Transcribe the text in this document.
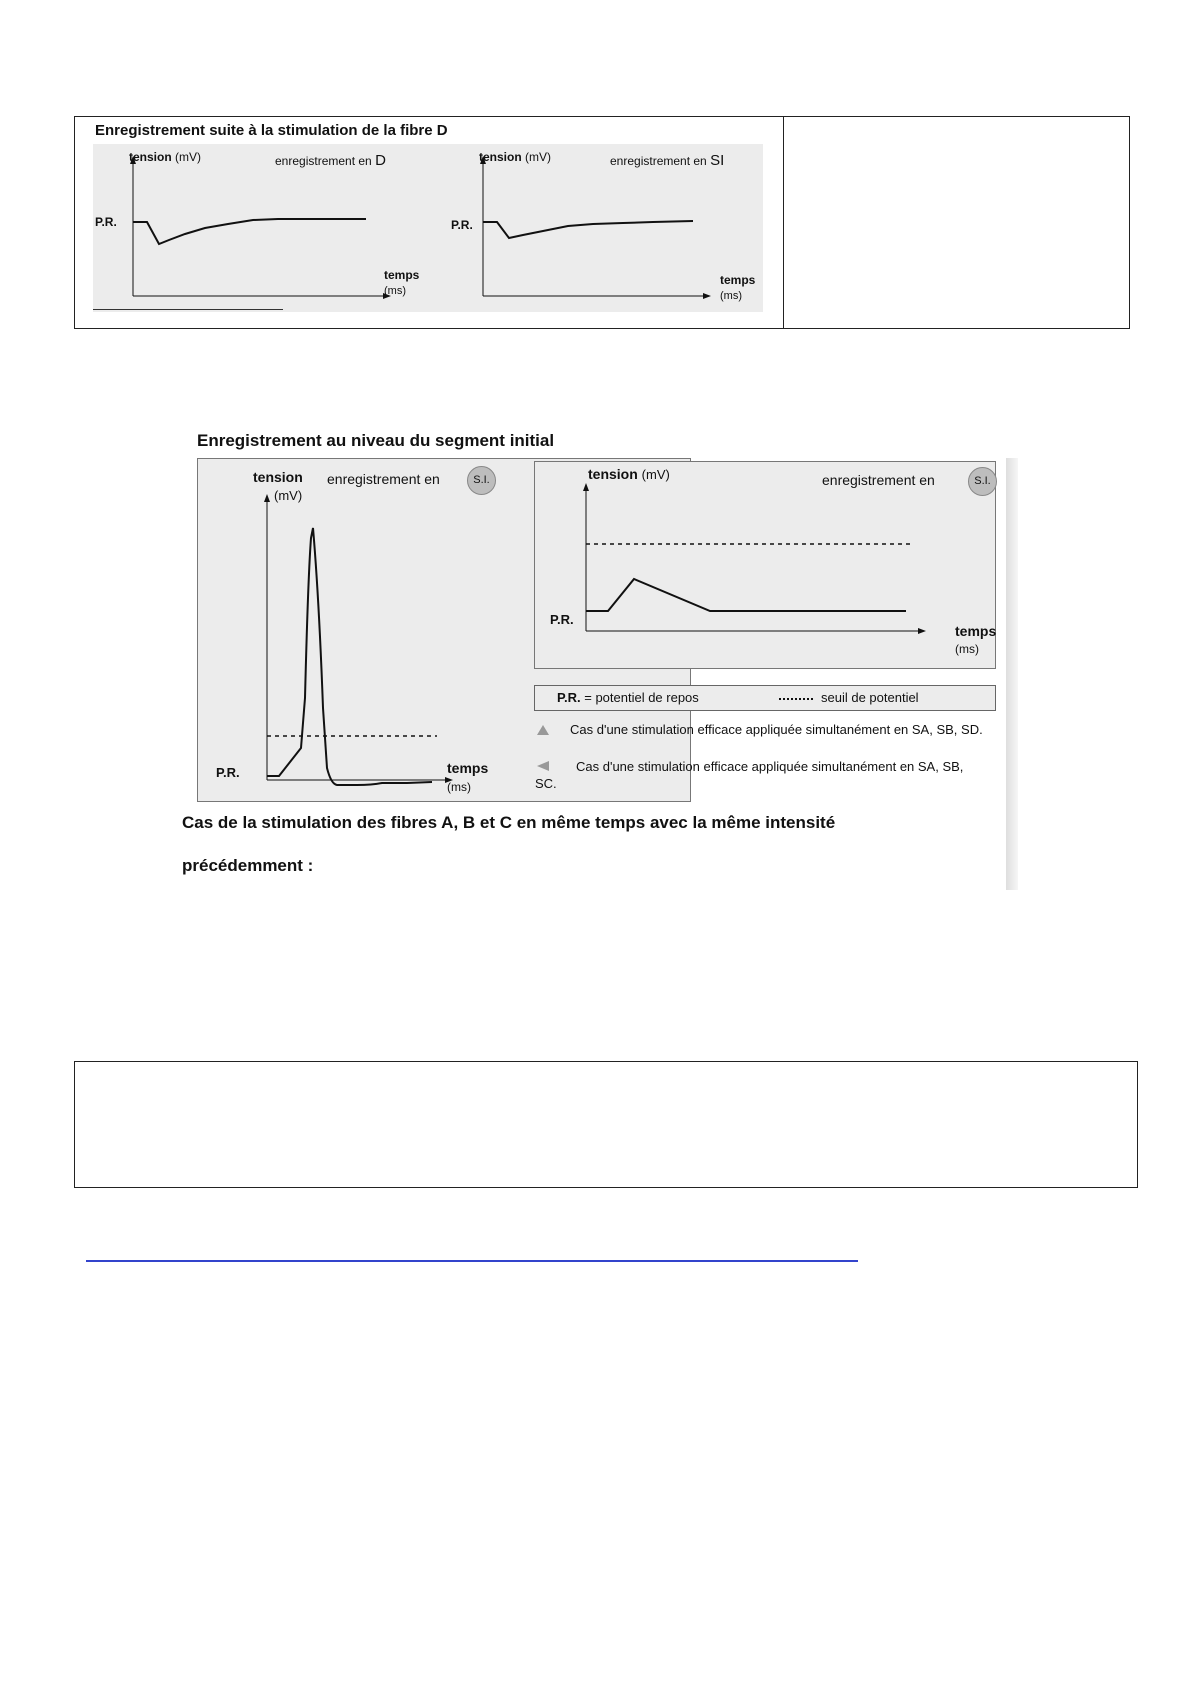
Enregistrement suite à la stimulation de la fibre D
tension (mV)	enregistrement en D
P.R.
temps
(ms)
tension (mV)	enregistrement en SI
P.R.
temps
(ms)
Enregistrement au niveau du segment initial
tension
(mV)
enregistrement en	S.I.
P.R.	temps
(ms)
tension (mV)	enregistrement en	S.I.
P.R.
temps
(ms)
P.R. = potentiel de repos	seuil de potentiel
Cas d'une stimulation efficace appliquée simultanément en SA, SB, SD.
Cas d'une stimulation efficace appliquée simultanément en SA, SB,
SC.
Cas de la stimulation des fibres A, B et C en même temps avec la même intensité
précédemment :
